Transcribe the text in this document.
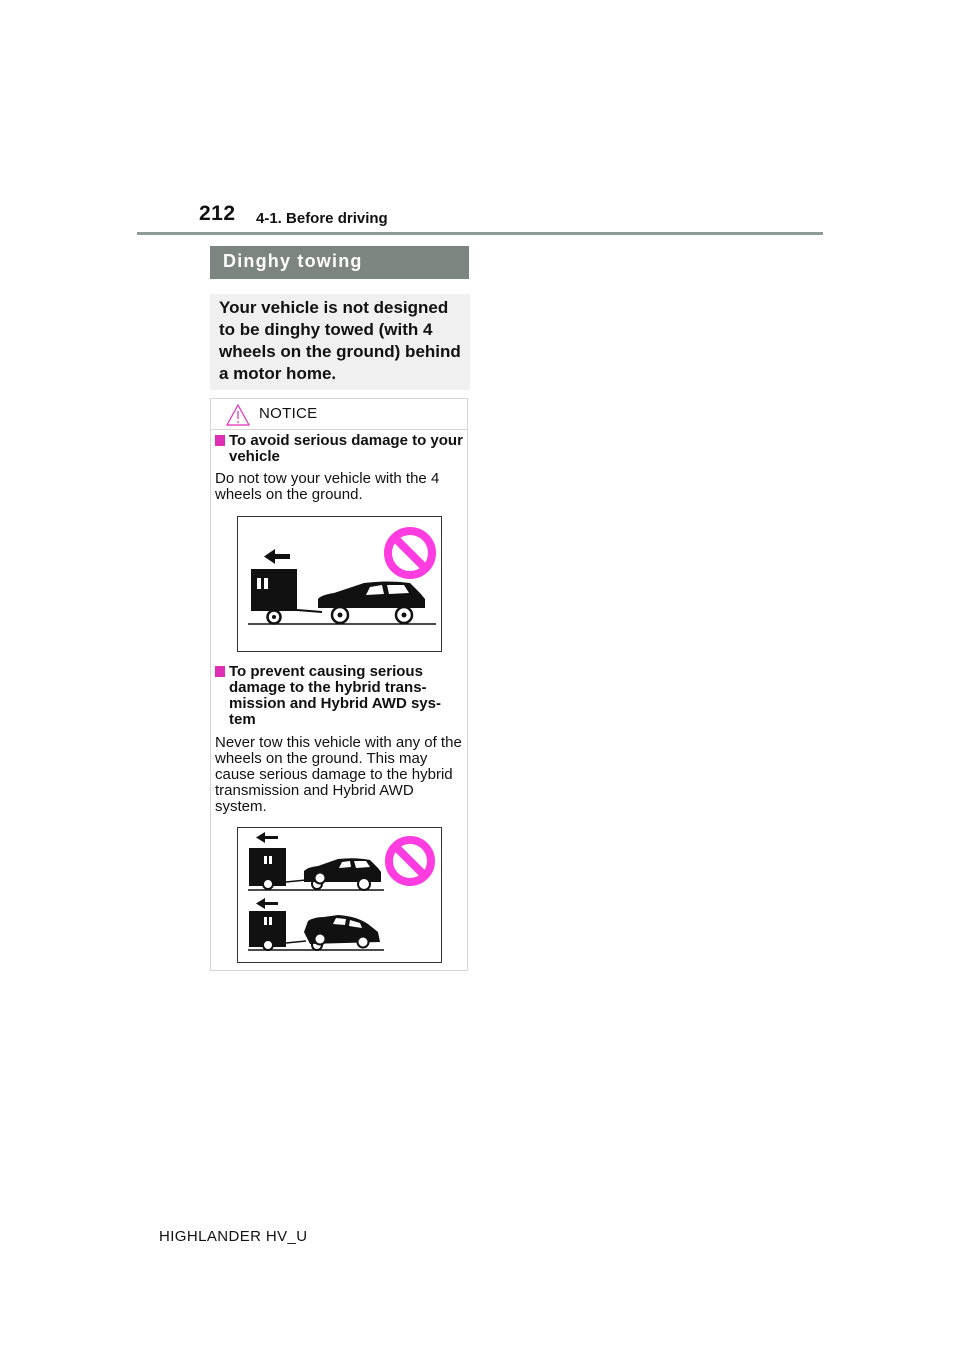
212 4-1. Before driving
Dinghy towing
Your vehicle is not designed to be dinghy towed (with 4 wheels on the ground) behind a motor home.
NOTICE
To avoid serious damage to your vehicle
Do not tow your vehicle with the 4 wheels on the ground.
To prevent causing serious damage to the hybrid trans-mission and Hybrid AWD sys-tem
Never tow this vehicle with any of the wheels on the ground. This may cause serious damage to the hybrid transmission and Hybrid AWD system.
HIGHLANDER HV_U
